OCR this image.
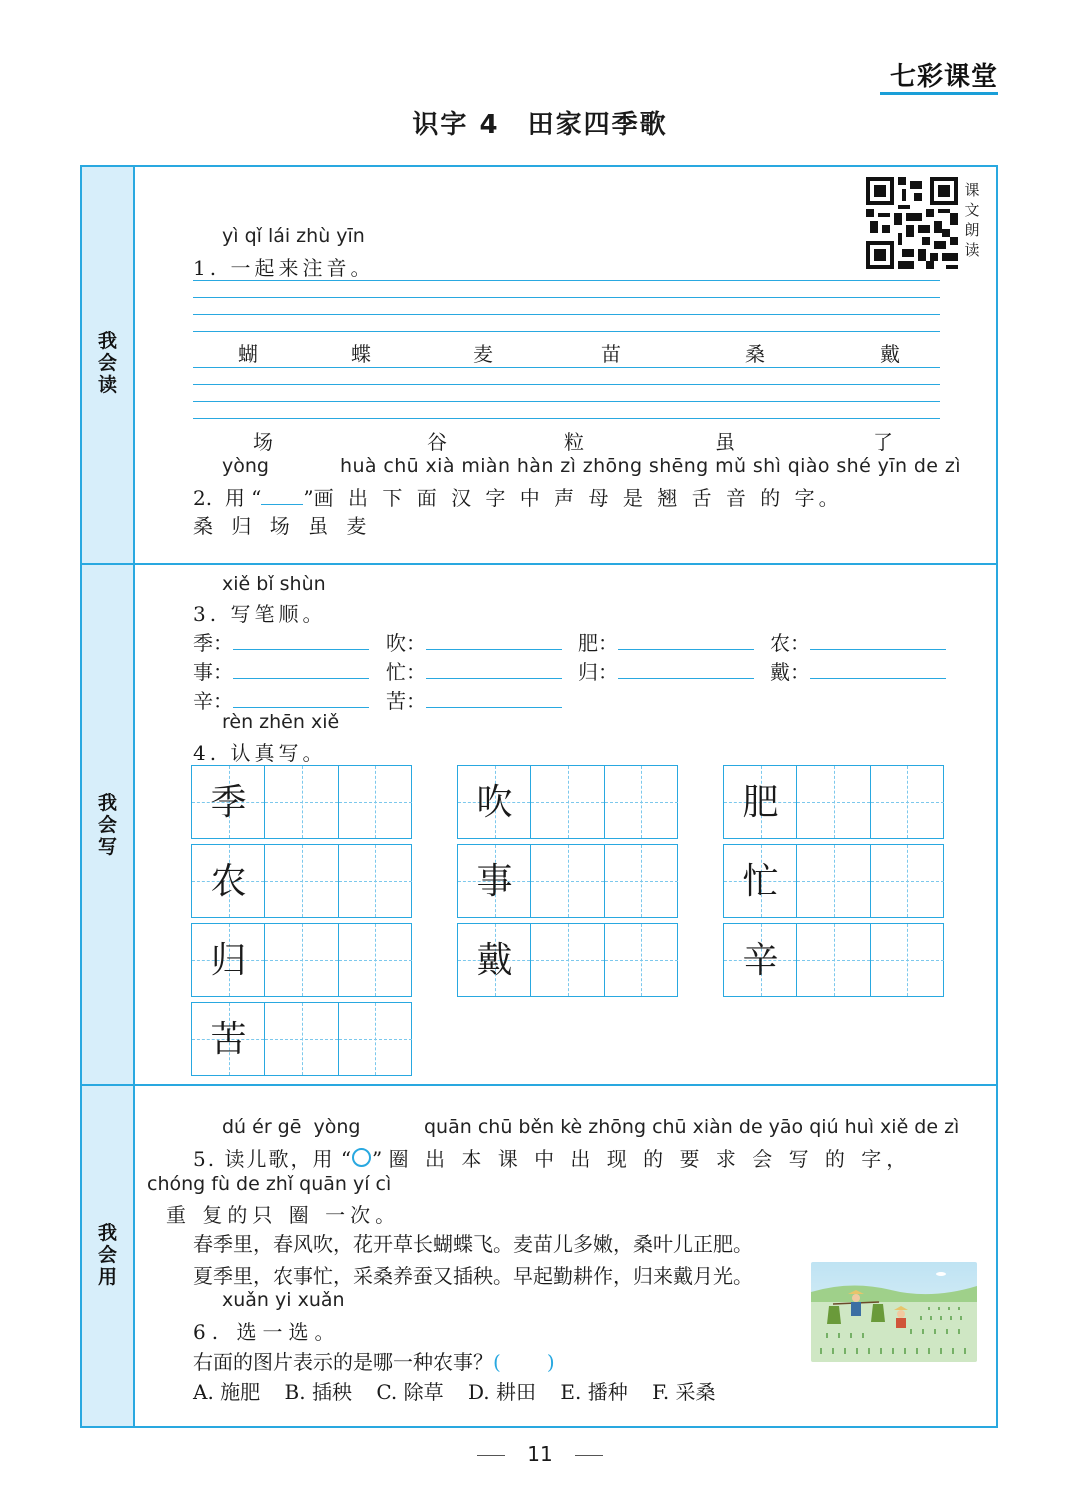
七彩课堂
识字 4 田家四季歌
我
会
读
我
会
写
我
会
用
课
文
朗
读
yì qǐ lái zhù yīn
1. 一起来注音。
蝴	蝶	麦	苗	桑	戴
场	谷	粒	虽	了
yòng	huà chū xià miàn hàn zì zhōng shēng mǔ shì qiào shé yīn de zì
2. 用 “ ”画 出 下 面 汉 字 中 声 母 是 翘 舌 音 的 字。
桑 归 场 虽 麦
xiě bǐ shùn
3. 写笔顺。
季：	吹：	肥：	农：
事：	忙：	归：	戴：
辛：	苦：
rèn zhēn xiě
4. 认真写。
季	吹	肥
农	事	忙
归	戴	辛
苦
dú ér gē  yòng	quān chū běn kè zhōng chū xiàn de yāo qiú huì xiě de zì
5. 读儿歌，用 “ ” 圈 出 本 课 中 出 现 的 要 求 会 写 的 字，
chóng fù de zhǐ quān yí cì
重 复的只 圈 一次。
春季里，春风吹，花开草长蝴蝶飞。麦苗儿多嫩，桑叶儿正肥。
夏季里，农事忙，采桑养蚕又插秧。早起勤耕作，归来戴月光。
xuǎn yi xuǎn
6. 选一选。
右面的图片表示的是哪一种农事？( )
A. 施肥 B. 插秧 C. 除草 D. 耕田 E. 播种 F. 采桑
11
